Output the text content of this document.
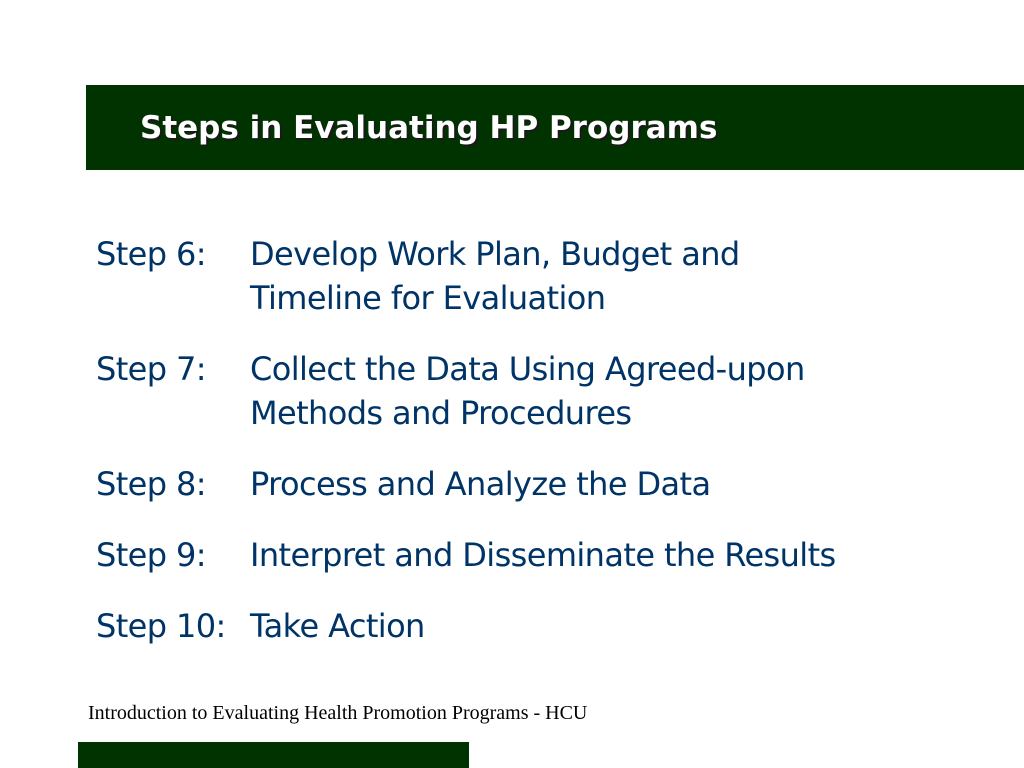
Steps in Evaluating HP Programs
Step 6:	Develop Work Plan, Budget and
Timeline for Evaluation
Step 7:	Collect the Data Using Agreed-upon
Methods and Procedures
Step 8:	Process and Analyze the Data
Step 9:	Interpret and Disseminate the Results
Step 10: Take Action
Introduction to Evaluating Health Promotion Programs - HCU
